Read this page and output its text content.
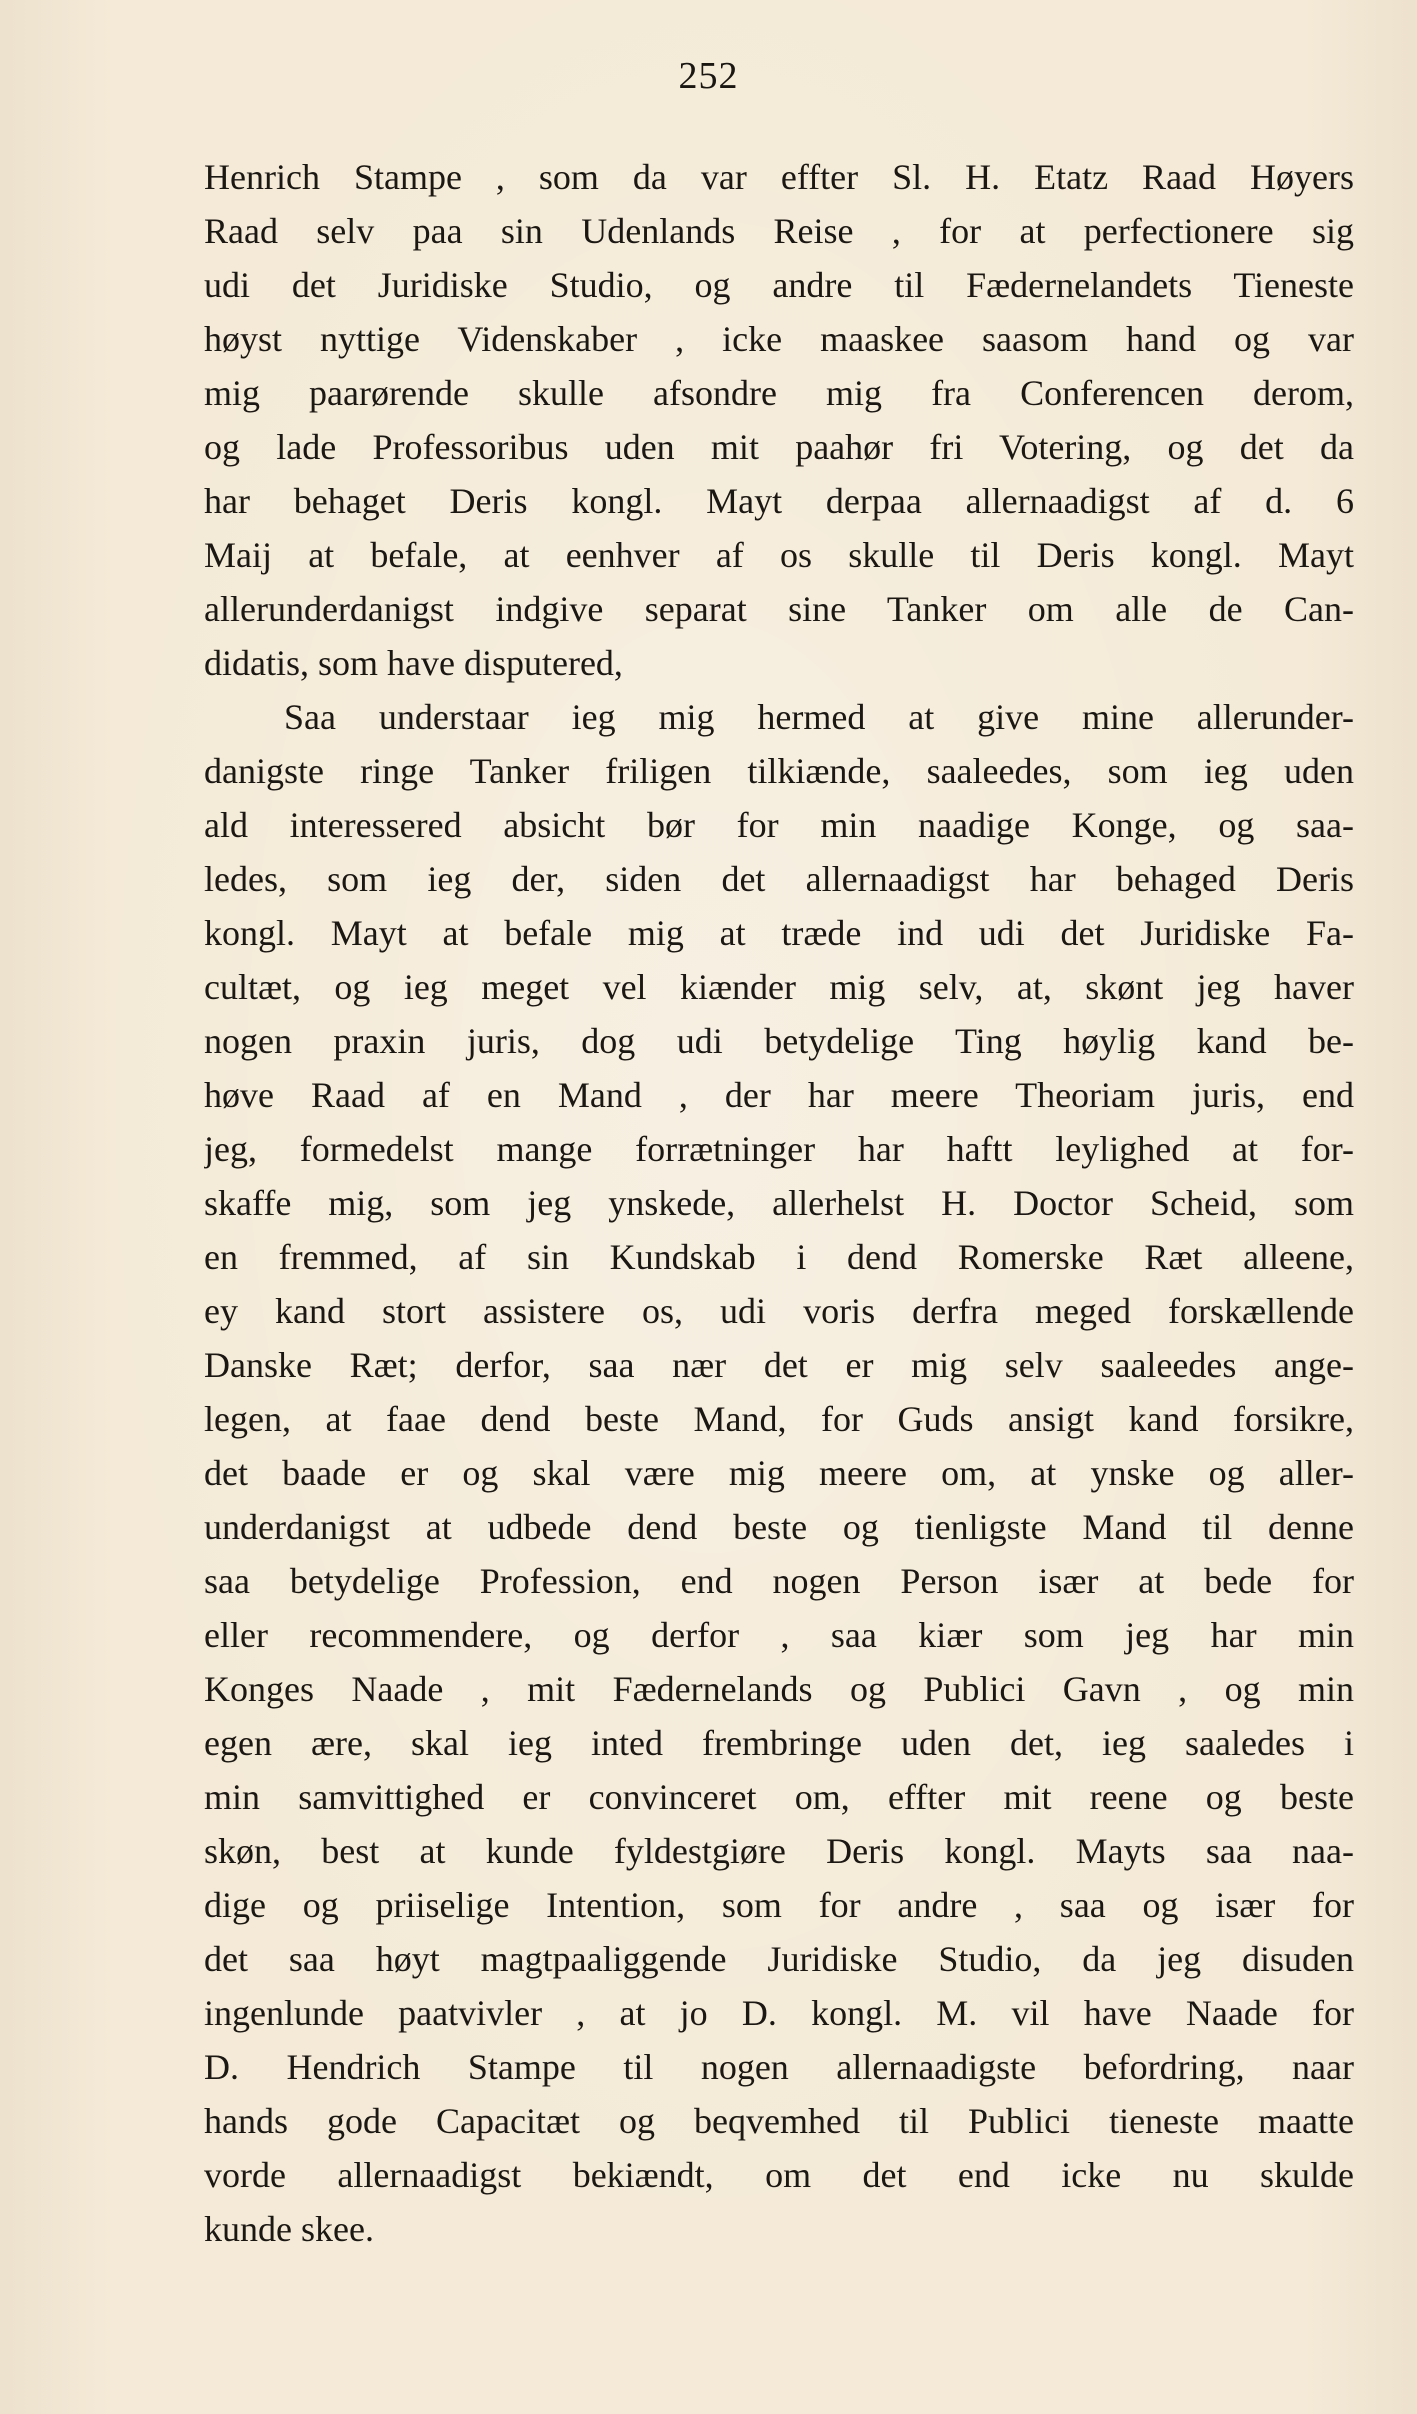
252
Henrich Stampe , som da var effter Sl. H. Etatz Raad Høyers
Raad selv paa sin Udenlands Reise , for at perfectionere sig
udi det Juridiske Studio, og andre til Fædernelandets Tieneste
høyst nyttige Videnskaber , icke maaskee saasom hand og var
mig paarørende skulle afsondre mig fra Conferencen derom,
og lade Professoribus uden mit paahør fri Votering, og det da
har behaget Deris kongl. Mayt derpaa allernaadigst af d. 6
Maij at befale, at eenhver af os skulle til Deris kongl. Mayt
allerunderdanigst indgive separat sine Tanker om alle de Can-
didatis, som have disputered,
Saa understaar ieg mig hermed at give mine allerunder-
danigste ringe Tanker friligen tilkiænde, saaleedes, som ieg uden
ald interessered absicht bør for min naadige Konge, og saa-
ledes, som ieg der, siden det allernaadigst har behaged Deris
kongl. Mayt at befale mig at træde ind udi det Juridiske Fa-
cultæt, og ieg meget vel kiænder mig selv, at, skønt jeg haver
nogen praxin juris, dog udi betydelige Ting høylig kand be-
høve Raad af en Mand , der har meere Theoriam juris, end
jeg, formedelst mange forrætninger har haftt leylighed at for-
skaffe mig, som jeg ynskede, allerhelst H. Doctor Scheid, som
en fremmed, af sin Kundskab i dend Romerske Ræt alleene,
ey kand stort assistere os, udi voris derfra meged forskællende
Danske Ræt; derfor, saa nær det er mig selv saaleedes ange-
legen, at faae dend beste Mand, for Guds ansigt kand forsikre,
det baade er og skal være mig meere om, at ynske og aller-
underdanigst at udbede dend beste og tienligste Mand til denne
saa betydelige Profession, end nogen Person især at bede for
eller recommendere, og derfor , saa kiær som jeg har min
Konges Naade , mit Fædernelands og Publici Gavn , og min
egen ære, skal ieg inted frembringe uden det, ieg saaledes i
min samvittighed er convinceret om, effter mit reene og beste
skøn, best at kunde fyldestgiøre Deris kongl. Mayts saa naa-
dige og priiselige Intention, som for andre , saa og især for
det saa høyt magtpaaliggende Juridiske Studio, da jeg disuden
ingenlunde paatvivler , at jo D. kongl. M. vil have Naade for
D. Hendrich Stampe til nogen allernaadigste befordring, naar
hands gode Capacitæt og beqvemhed til Publici tieneste maatte
vorde allernaadigst bekiændt, om det end icke nu skulde
kunde skee.
